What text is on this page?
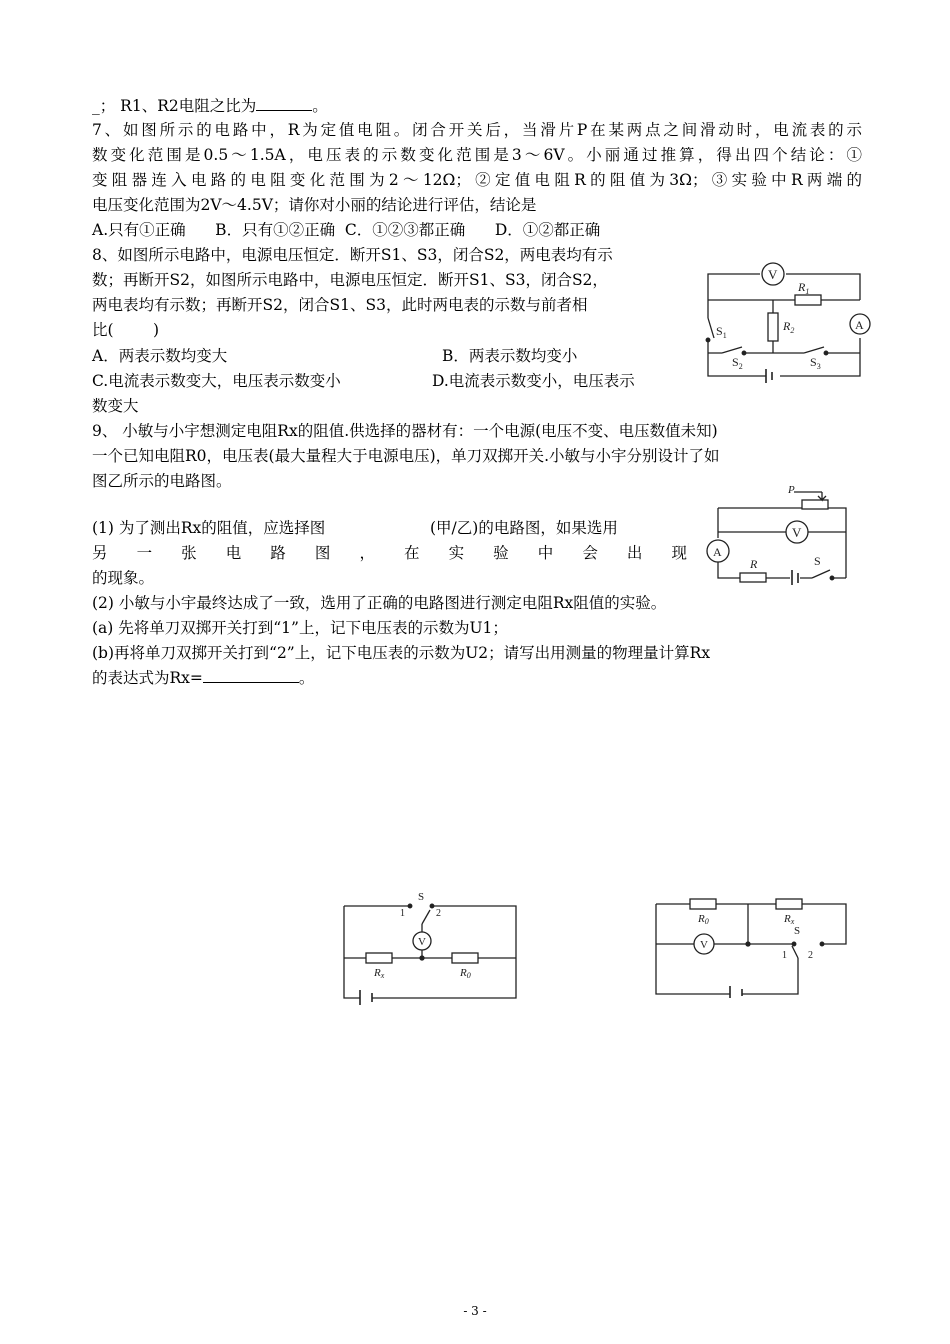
_； R1、R2电阻之比为	。
7、如图所示的电路中，R为定值电阻。闭合开关后，当滑片P在某两点之间滑动时，电流表的示
数变化范围是0.5～1.5A，电压表的示数变化范围是3～6V。小丽通过推算，得出四个结论：①
变阻器连入电路的电阻变化范围为2～12Ω；②定值电阻R的阻值为3Ω；③实验中R两端的
电压变化范围为2V～4.5V；请你对小丽的结论进行评估，结论是
A.只有①正确      B．只有①②正确  C．①②③都正确      D．①②都正确
8、如图所示电路中，电源电压恒定．断开S1、S3，闭合S2，两电表均有示
数；再断开S2，如图所示电路中，电源电压恒定．断开S1、S3，闭合S2，
两电表均有示数；再断开S2，闭合S1、S3，此时两电表的示数与前者相
比(        )
A．两表示数均变大	B．两表示数均变小
C.电流表示数变大，电压表示数变小	D.电流表示数变小，电压表示
数变大
9、 小敏与小宇想测定电阻Rx的阻值.供选择的器材有：一个电源(电压不变、电压数值未知)
一个已知电阻R0，电压表(最大量程大于电源电压)，单刀双掷开关.小敏与小宇分别设计了如
图乙所示的电路图。
(1) 为了测出Rx的阻值，应选择图	(甲/乙)的电路图，如果选用
另一张电路图，在实验中会出现
的现象。
(2) 小敏与小宇最终达成了一致，选用了正确的电路图进行测定电阻Rx阻值的实验。
(a) 先将单刀双掷开关打到“1”上，记下电压表的示数为U1；
(b)再将单刀双掷开关打到“2”上，记下电压表的示数为U2；请写出用测量的物理量计算Rx
的表达式为Rx=	。
V
$R_1$
$R_2$
$S_1$
$S_2$	$S_3$
A
P
V
A
R	S
S
1	2
V
Rx	R0
R0	Rx
V
S
1 2
- 3 -
